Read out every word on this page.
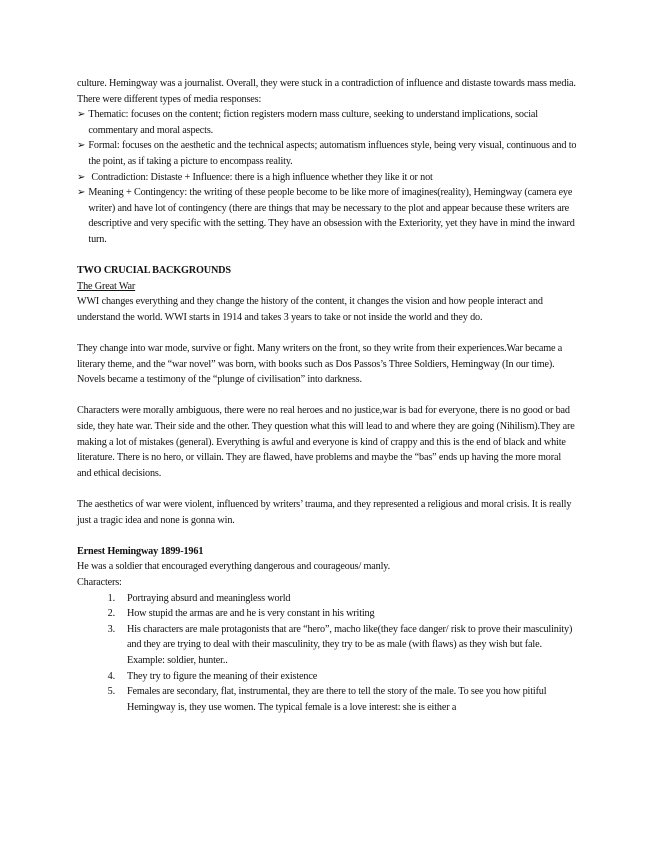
culture. Hemingway was a journalist. Overall, they were stuck in a contradiction of influence and distaste towards mass media. There were different types of media responses:

➢ Thematic: focuses on the content; fiction registers modern mass culture, seeking to understand implications, social commentary and moral aspects.
➢ Formal: focuses on the aesthetic and the technical aspects; automatism influences style, being very visual, continuous and to the point, as if taking a picture to encompass reality.
➢ Contradiction: Distaste + Influence: there is a high influence whether they like it or not
➢ Meaning + Contingency: the writing of these people become to be like more of imagines(reality), Hemingway (camera eye writer) and have lot of contingency (there are things that may be necessary to the plot and appear because these writers are descriptive and very specific with the setting. They have an obsession with the Exteriority, yet they have in mind the inward turn.

TWO CRUCIAL BACKGROUNDS

The Great War

WWI changes everything and they change the history of the content, it changes the vision and how people interact and understand the world. WWI starts in 1914 and takes 3 years to take or not inside the world and they do.

They change into war mode, survive or fight. Many writers on the front, so they write from their experiences.War became a literary theme, and the “war novel” was born, with books such as Dos Passos’s Three Soldiers, Hemingway (In our time). Novels became a testimony of the “plunge of civilisation” into darkness.

Characters were morally ambiguous, there were no real heroes and no justice,war is bad for everyone, there is no good or bad side, they hate war. Their side and the other. They question what this will lead to and where they are going (Nihilism).They are making a lot of mistakes (general). Everything is awful and everyone is kind of crappy and this is the end of black and white literature. There is no hero, or villain. They are flawed, have problems and maybe the “bas” ends up having the more moral and ethical decisions.

The aesthetics of war were violent, influenced by writers’ trauma, and they represented a religious and moral crisis. It is really just a tragic idea and none is gonna win.

Ernest Hemingway 1899-1961

He was a soldier that encouraged everything dangerous and courageous/ manly.

Characters:

1.	Portraying absurd and meaningless world
2.	How stupid the armas are and he is very constant in his writing
3.	His characters are male protagonists that are “hero”, macho like(they face danger/ risk to prove their masculinity) and they are trying to deal with their masculinity, they try to be as male (with flaws) as they wish but fale. Example: soldier, hunter..
4.	They try to figure the meaning of their existence
5.	Females are secondary, flat, instrumental, they are there to tell the story of the male. To see you how pitiful Hemingway is, they use women. The typical female is a love interest: she is either a
